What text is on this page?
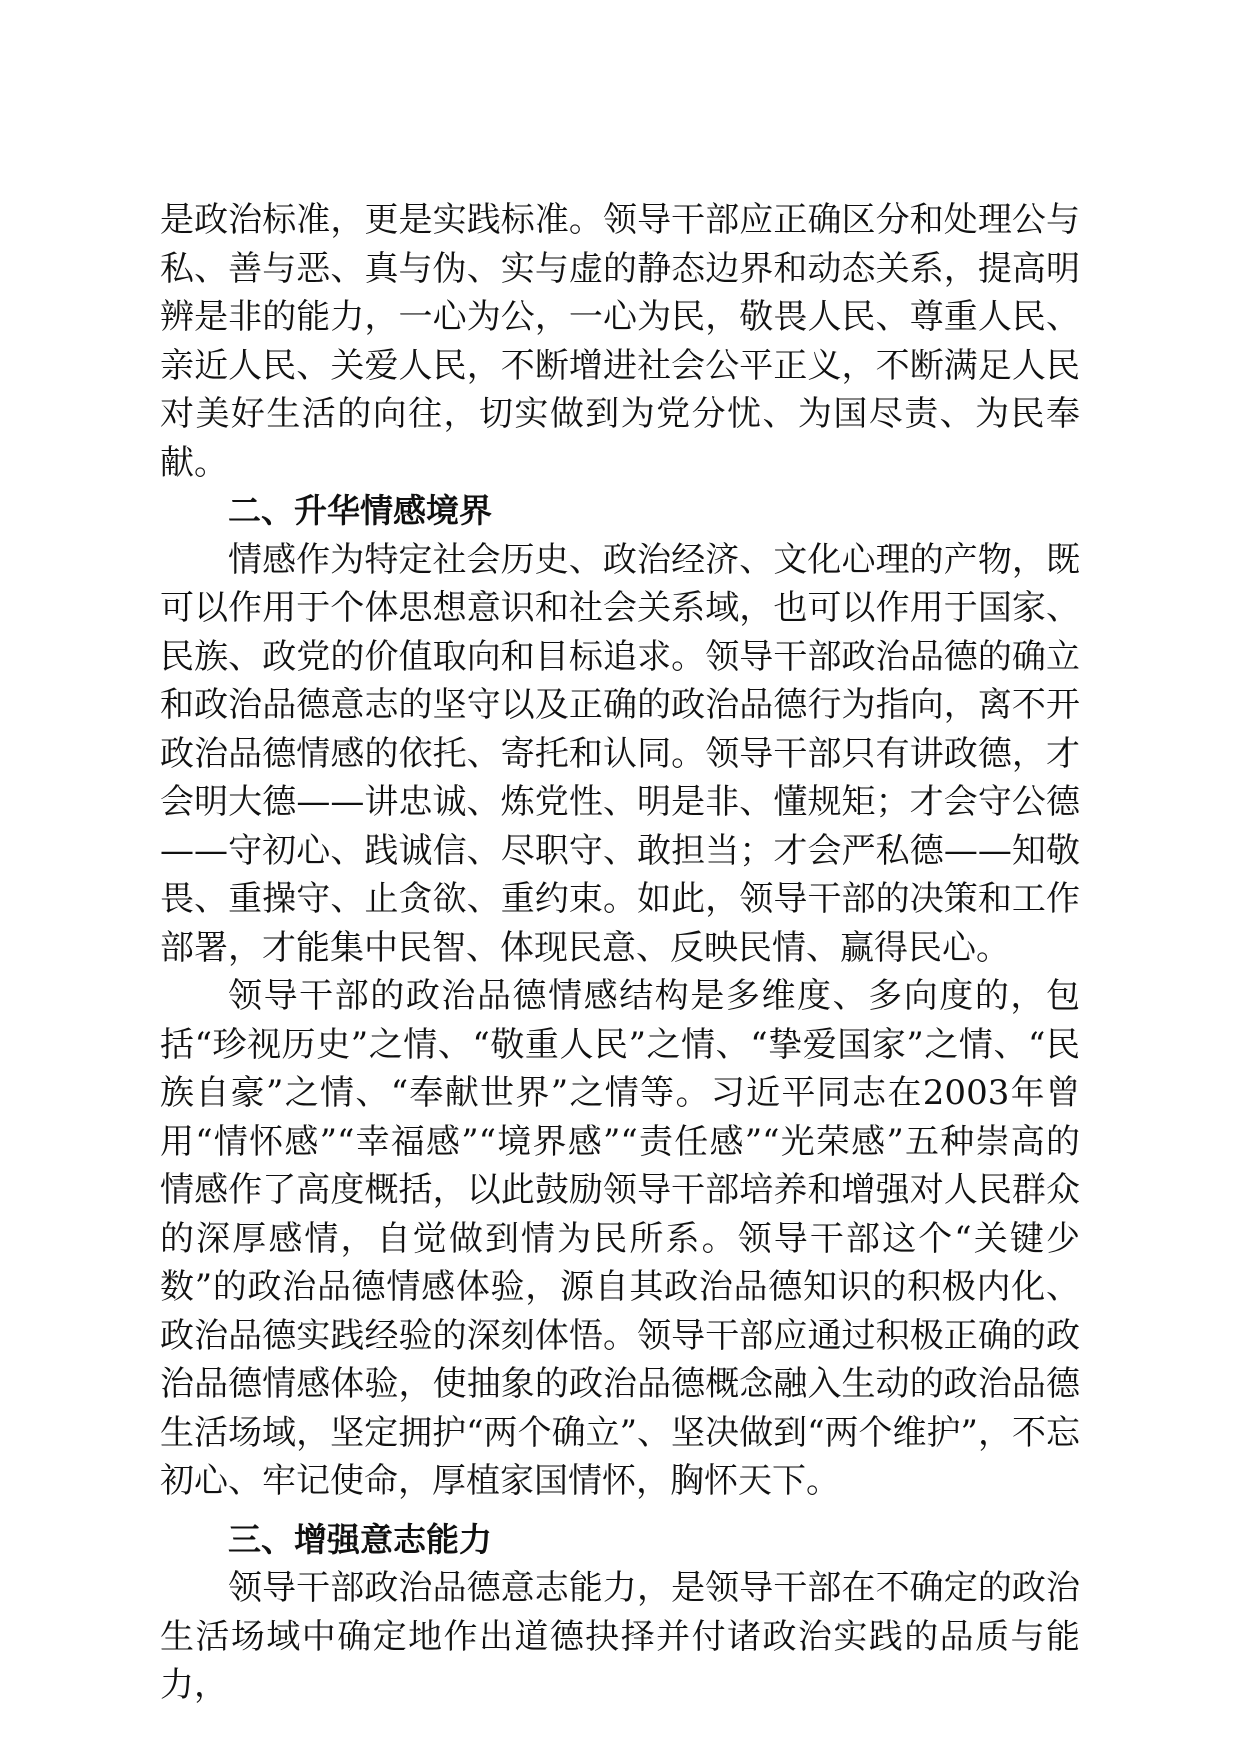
是政治标准，更是实践标准。领导干部应正确区分和处理公与私、善与恶、真与伪、实与虚的静态边界和动态关系，提高明辨是非的能力，一心为公，一心为民，敬畏人民、尊重人民、亲近人民、关爱人民，不断增进社会公平正义，不断满足人民对美好生活的向往，切实做到为党分忧、为国尽责、为民奉献。

二、升华情感境界

情感作为特定社会历史、政治经济、文化心理的产物，既可以作用于个体思想意识和社会关系域，也可以作用于国家、民族、政党的价值取向和目标追求。领导干部政治品德的确立和政治品德意志的坚守以及正确的政治品德行为指向，离不开政治品德情感的依托、寄托和认同。领导干部只有讲政德，才会明大德——讲忠诚、炼党性、明是非、懂规矩；才会守公德——守初心、践诚信、尽职守、敢担当；才会严私德——知敬畏、重操守、止贪欲、重约束。如此，领导干部的决策和工作部署，才能集中民智、体现民意、反映民情、赢得民心。

领导干部的政治品德情感结构是多维度、多向度的，包括“珍视历史”之情、“敬重人民”之情、“挚爱国家”之情、“民族自豪”之情、“奉献世界”之情等。习近平同志在2003年曾用“情怀感”“幸福感”“境界感”“责任感”“光荣感”五种崇高的情感作了高度概括，以此鼓励领导干部培养和增强对人民群众的深厚感情，自觉做到情为民所系。领导干部这个“关键少数”的政治品德情感体验，源自其政治品德知识的积极内化、政治品德实践经验的深刻体悟。领导干部应通过积极正确的政治品德情感体验，使抽象的政治品德概念融入生动的政治品德生活场域，坚定拥护“两个确立”、坚决做到“两个维护”，不忘初心、牢记使命，厚植家国情怀，胸怀天下。

三、增强意志能力

领导干部政治品德意志能力，是领导干部在不确定的政治生活场域中确定地作出道德抉择并付诸政治实践的品质与能力，
